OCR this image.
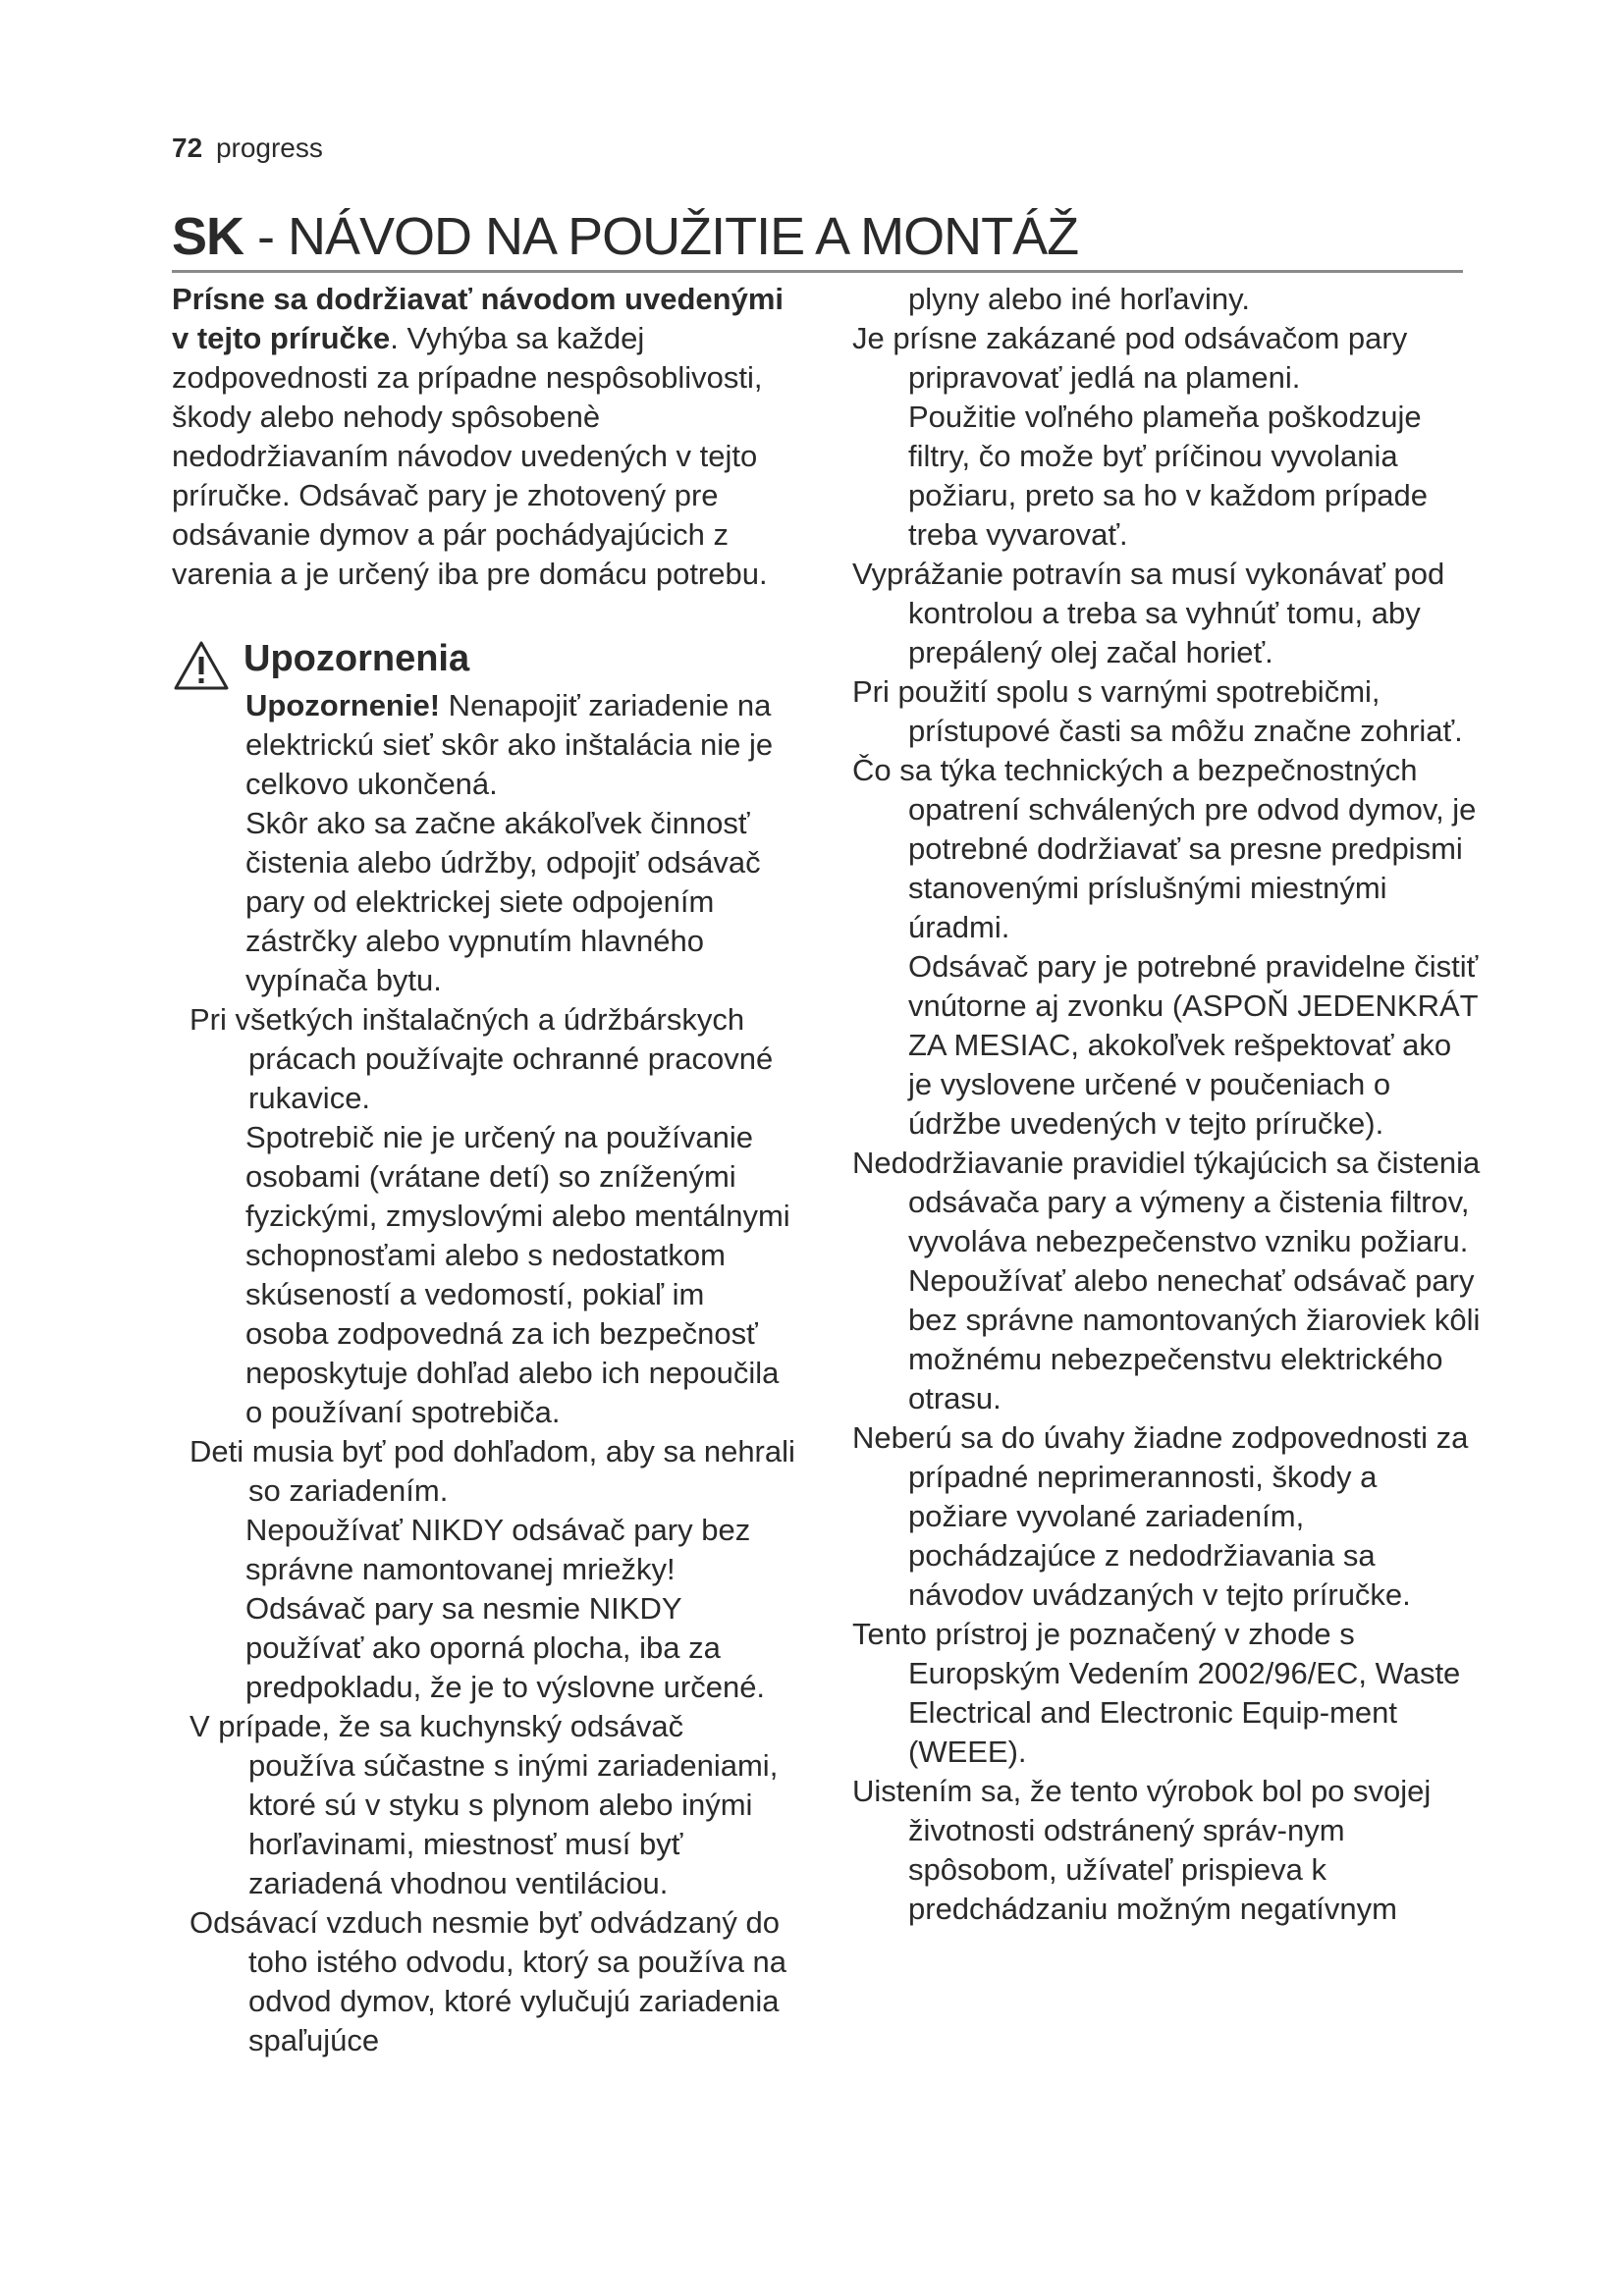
72 progress
SK - NÁVOD NA POUŽITIE A MONTÁŽ

Prísne sa dodržiavať návodom uvedenými v tejto príručke. Vyhýba sa každej zodpovednosti za prípadne nespôsoblivosti, škody alebo nehody spôsobenè nedodržiavaním návodov uvedených v tejto príručke. Odsávač pary je zhotovený pre odsávanie dymov a pár pochádyajúcich z varenia a je určený iba pre domácu potrebu.

Upozornenia

Upozornenie! Nenapojiť zariadenie na elektrickú sieť skôr ako inštalácia nie je celkovo ukončená.

Skôr ako sa začne akákoľvek činnosť čistenia alebo údržby, odpojiť odsávač pary od elektrickej siete odpojením zástrčky alebo vypnutím hlavného vypínača bytu.

Pri všetkých inštalačných a údržbárskych prácach používajte ochranné pracovné rukavice.

Spotrebič nie je určený na používanie osobami (vrátane detí) so zníženými fyzickými, zmyslovými alebo mentálnymi schopnosťami alebo s nedostatkom skúseností a vedomostí, pokiaľ im osoba zodpovedná za ich bezpečnosť neposkytuje dohľad alebo ich nepoučila o používaní spotrebiča.

Deti musia byť pod dohľadom, aby sa nehrali so zariadením.

Nepoužívať NIKDY odsávač pary bez správne namontovanej mriežky!

Odsávač pary sa nesmie NIKDY používať ako oporná plocha, iba za predpokladu, že je to výslovne určené.

V prípade, že sa kuchynský odsávač používa súčastne s inými zariadeniami, ktoré sú v styku s plynom alebo inými horľavinami, miestnosť musí byť zariadená vhodnou ventiláciou.

Odsávací vzduch nesmie byť odvádzaný do toho istého odvodu, ktorý sa používa na odvod dymov, ktoré vylučujú zariadenia spaľujúce

plyny alebo iné horľaviny.

Je prísne zakázané pod odsávačom pary pripravovať jedlá na plameni.

Použitie voľného plameňa poškodzuje filtry, čo može byť príčinou vyvolania požiaru, preto sa ho v každom prípade treba vyvarovať.

Vyprážanie potravín sa musí vykonávať pod kontrolou a treba sa vyhnúť tomu, aby prepálený olej začal horieť.

Pri použití spolu s varnými spotrebičmi, prístupové časti sa môžu značne zohriať.

Čo sa týka technických a bezpečnostných opatrení schválených pre odvod dymov, je potrebné dodržiavať sa presne predpismi stanovenými príslušnými miestnými úradmi.

Odsávač pary je potrebné pravidelne čistiť vnútorne aj zvonku (ASPOŇ JEDENKRÁT ZA MESIAC, akokoľvek rešpektovať ako je vyslovene určené v poučeniach o údržbe uvedených v tejto príručke).

Nedodržiavanie pravidiel týkajúcich sa čistenia odsávača pary a výmeny a čistenia filtrov, vyvoláva nebezpečenstvo vzniku požiaru.

Nepoužívať alebo nenechať odsávač pary bez správne namontovaných žiaroviek kôli možnému nebezpečenstvu elektrického otrasu.

Neberú sa do úvahy žiadne zodpovednosti za prípadné neprimerannosti, škody a požiare vyvolané zariadením, pochádzajúce z nedodržiavania sa návodov uvádzaných v tejto príručke.

Tento prístroj je poznačený v zhode s Europským Vedením 2002/96/EC, Waste Electrical and Electronic Equip-ment (WEEE).

Uistením sa, že tento výrobok bol po svojej životnosti odstránený správ-nym spôsobom, užívateľ prispieva k predchádzaniu možným negatívnym
